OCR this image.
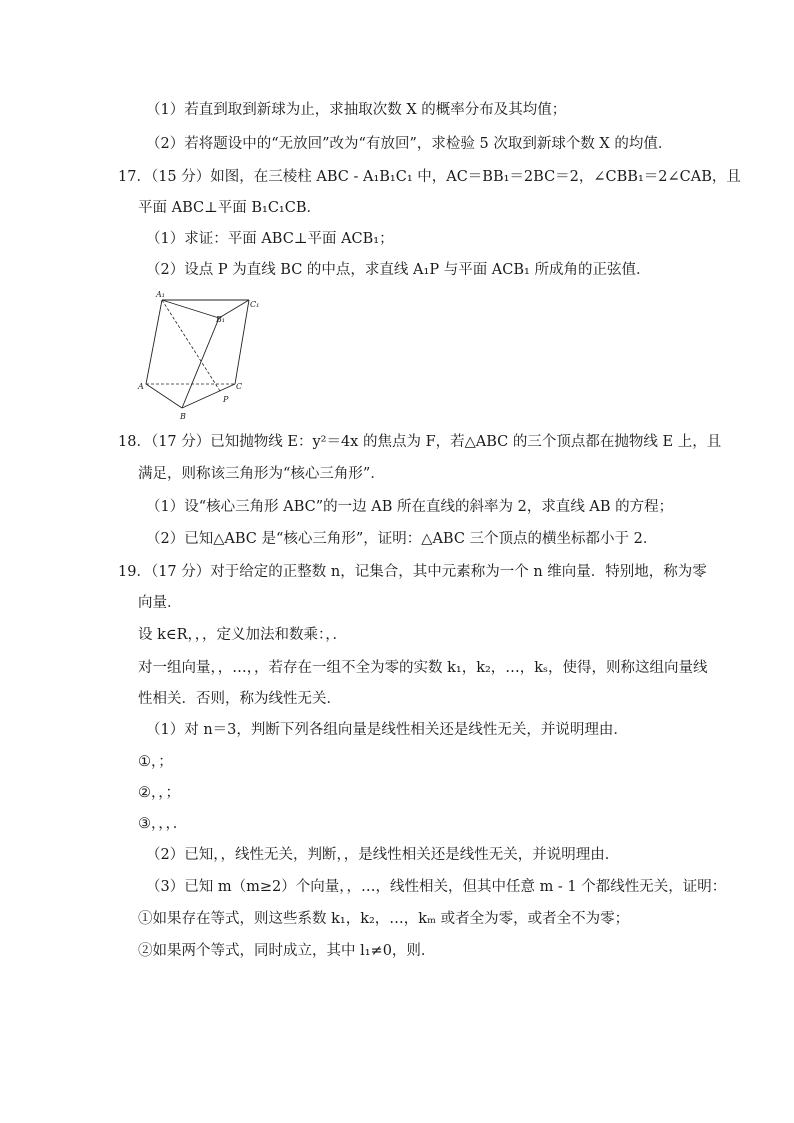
（1）若直到取到新球为止，求抽取次数 X 的概率分布及其均值；
（2）若将题设中的“无放回”改为“有放回”，求检验 5 次取到新球个数 X 的均值．
17．（15 分）如图，在三棱柱 ABC - A₁B₁C₁ 中，AC＝BB₁＝2BC＝2，∠CBB₁＝2∠CAB，且
平面 ABC⊥平面 B₁C₁CB．
（1）求证：平面 ABC⊥平面 ACB₁；
（2）设点 P 为直线 BC 的中点，求直线 A₁P 与平面 ACB₁ 所成角的正弦值．
A₁
B₁
C₁
A
B
C
P
18．（17 分）已知抛物线 E：y²＝4x 的焦点为 F，若△ABC 的三个顶点都在抛物线 E 上，且
满足，则称该三角形为“核心三角形”．
（1）设“核心三角形 ABC”的一边 AB 所在直线的斜率为 2，求直线 AB 的方程；
（2）已知△ABC 是“核心三角形”，证明：△ABC 三个顶点的横坐标都小于 2．
19．（17 分）对于给定的正整数 n，记集合，其中元素称为一个 n 维向量．特别地，称为零
向量．
设 k∈R，，，定义加法和数乘：，．
对一组向量，，…，，若存在一组不全为零的实数 k₁，k₂，…，kₛ，使得，则称这组向量线
性相关．否则，称为线性无关．
（1）对 n＝3，判断下列各组向量是线性相关还是线性无关，并说明理由．
①，；
②，，；
③，，，．
（2）已知，，线性无关，判断，，是线性相关还是线性无关，并说明理由．
（3）已知 m（m≥2）个向量，，…，线性相关，但其中任意 m - 1 个都线性无关，证明：
①如果存在等式，则这些系数 k₁，k₂，…，kₘ 或者全为零，或者全不为零；
②如果两个等式，同时成立，其中 l₁≠0，则．
